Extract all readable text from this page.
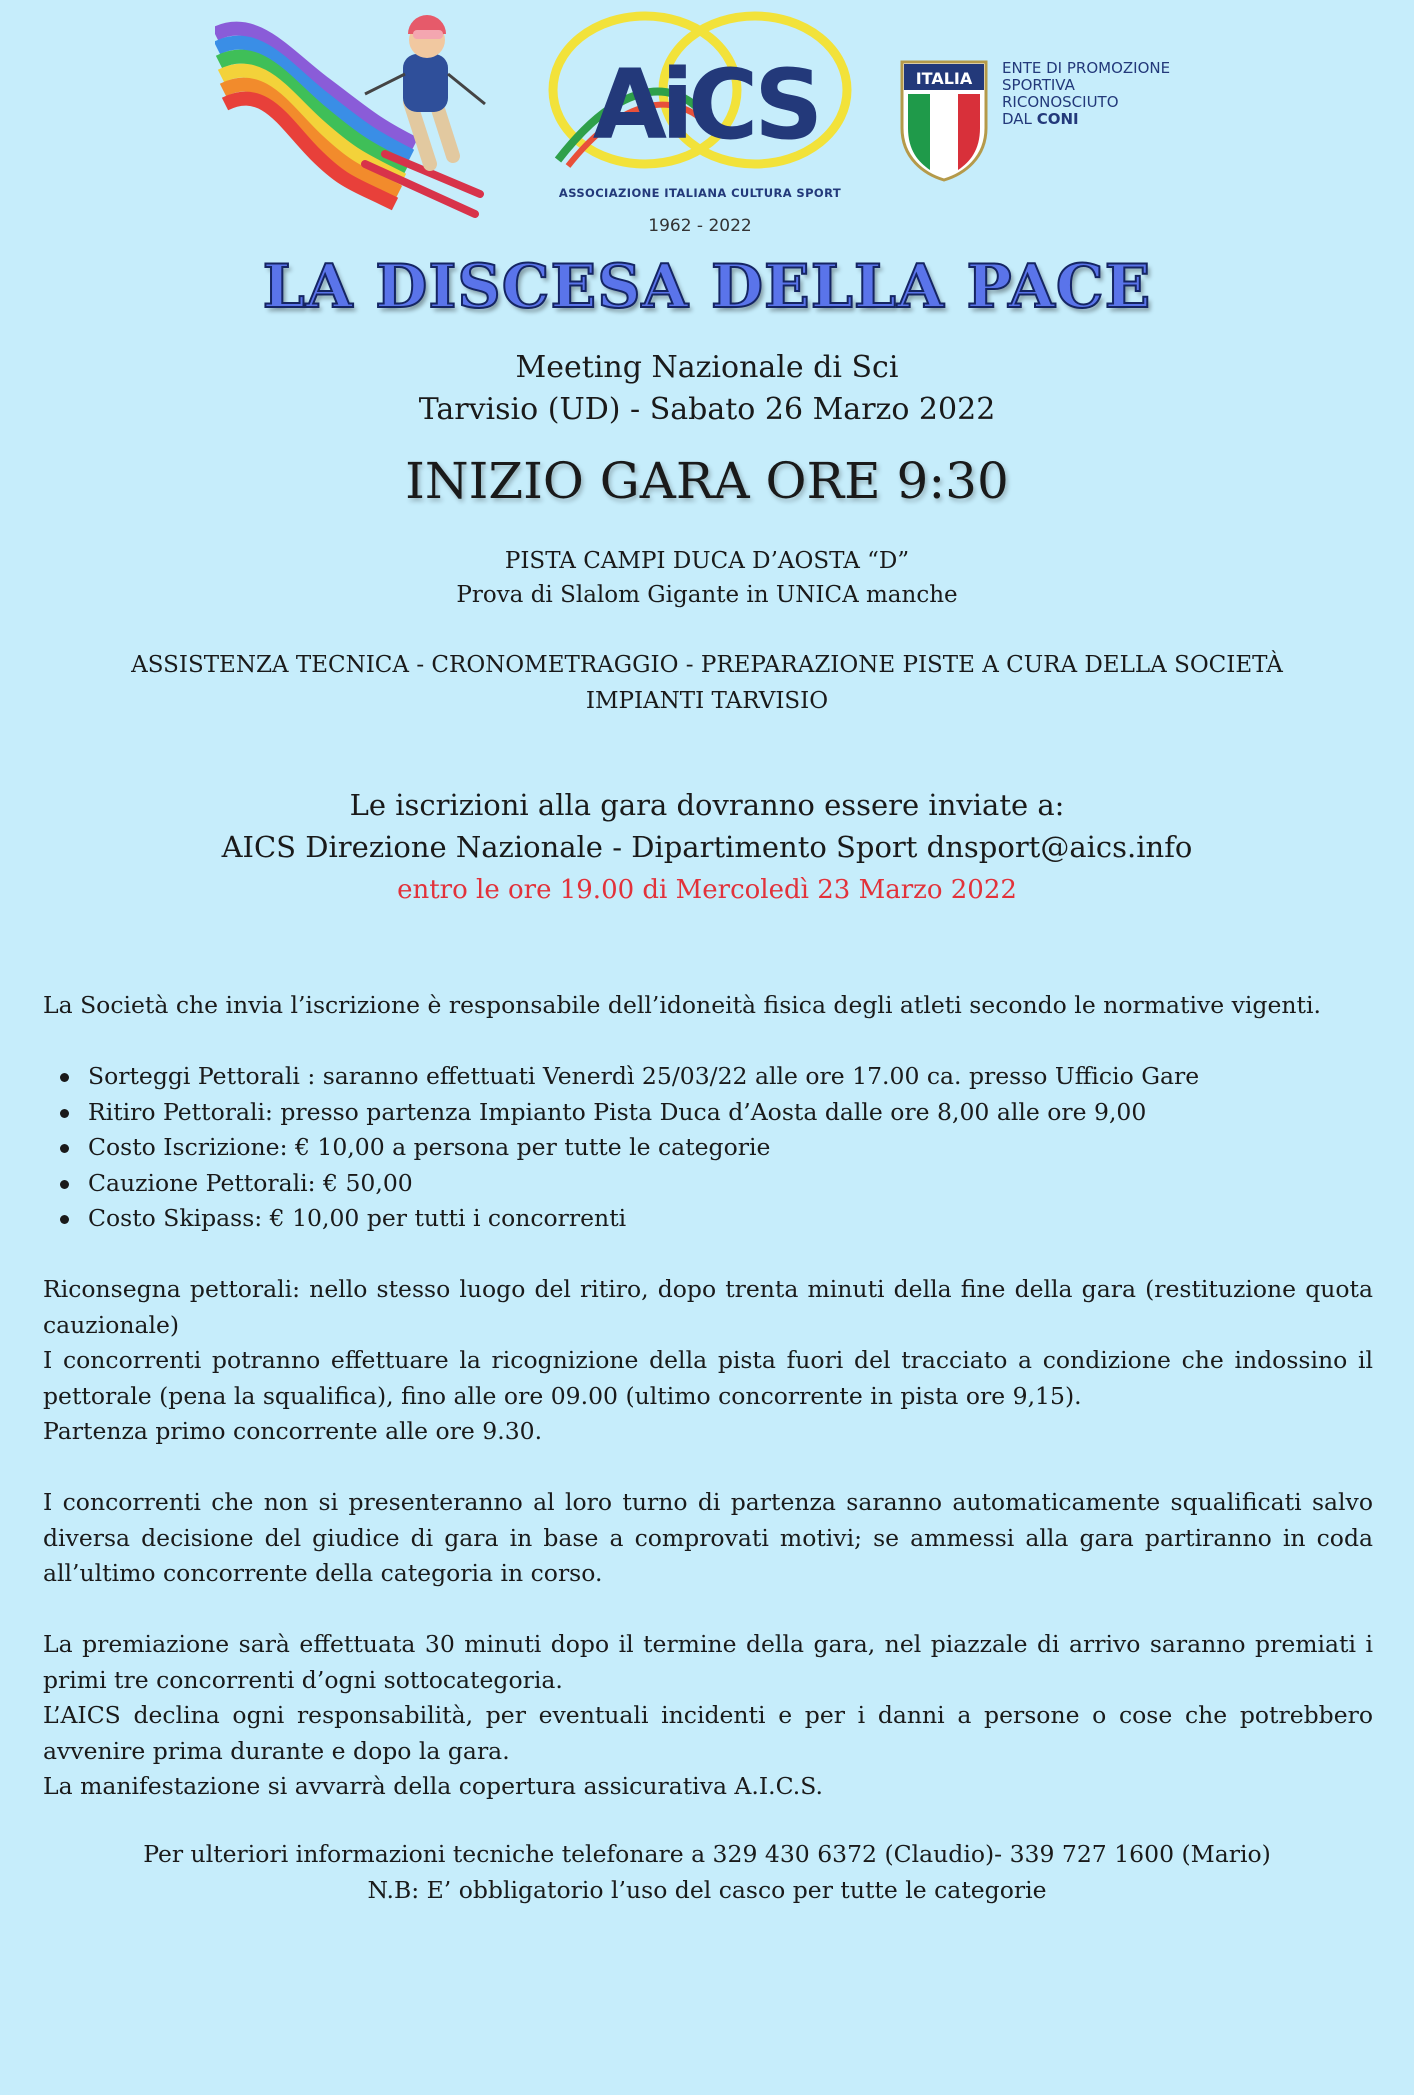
AiCS
ASSOCIAZIONE ITALIANA CULTURA SPORT
1962 - 2022
ITALIA
ENTE DI PROMOZIONE
SPORTIVA
RICONOSCIUTO
DAL CONI
LA DISCESA DELLA PACE
Meeting Nazionale di Sci
Tarvisio (UD) - Sabato 26 Marzo 2022
INIZIO GARA ORE 9:30
PISTA CAMPI DUCA D’AOSTA “D”
Prova di Slalom Gigante in UNICA manche
ASSISTENZA TECNICA - CRONOMETRAGGIO - PREPARAZIONE PISTE A CURA DELLA SOCIETÀ
IMPIANTI TARVISIO
Le iscrizioni alla gara dovranno essere inviate a:
AICS Direzione Nazionale - Dipartimento Sport dnsport@aics.info
entro le ore 19.00 di Mercoledì 23 Marzo 2022

La Società che invia l’iscrizione è responsabile dell’idoneità fisica degli atleti secondo le normative vigenti.

Sorteggi Pettorali : saranno effettuati Venerdì 25/03/22 alle ore 17.00 ca. presso Ufficio Gare
Ritiro Pettorali: presso partenza Impianto Pista Duca d’Aosta dalle ore 8,00 alle ore 9,00
Costo Iscrizione: € 10,00 a persona per tutte le categorie
Cauzione Pettorali: € 50,00
Costo Skipass: € 10,00 per tutti i concorrenti

Riconsegna pettorali: nello stesso luogo del ritiro, dopo trenta minuti della fine della gara (restituzione quota cauzionale)

I concorrenti potranno effettuare la ricognizione della pista fuori del tracciato a condizione che indossino il pettorale (pena la squalifica), fino alle ore 09.00 (ultimo concorrente in pista ore 9,15).

Partenza primo concorrente alle ore 9.30.

I concorrenti che non si presenteranno al loro turno di partenza saranno automaticamente squalificati salvo diversa decisione del giudice di gara in base a comprovati motivi; se ammessi alla gara partiranno in coda all’ultimo concorrente della categoria in corso.

La premiazione sarà effettuata 30 minuti dopo il termine della gara, nel piazzale di arrivo saranno premiati i primi tre concorrenti d’ogni sottocategoria.

L’AICS declina ogni responsabilità, per eventuali incidenti e per i danni a persone o cose che potrebbero avvenire prima durante e dopo la gara.

La manifestazione si avvarrà della copertura assicurativa A.I.C.S.

Per ulteriori informazioni tecniche telefonare a 329 430 6372 (Claudio)- 339 727 1600 (Mario)
N.B: E’ obbligatorio l’uso del casco per tutte le categorie
